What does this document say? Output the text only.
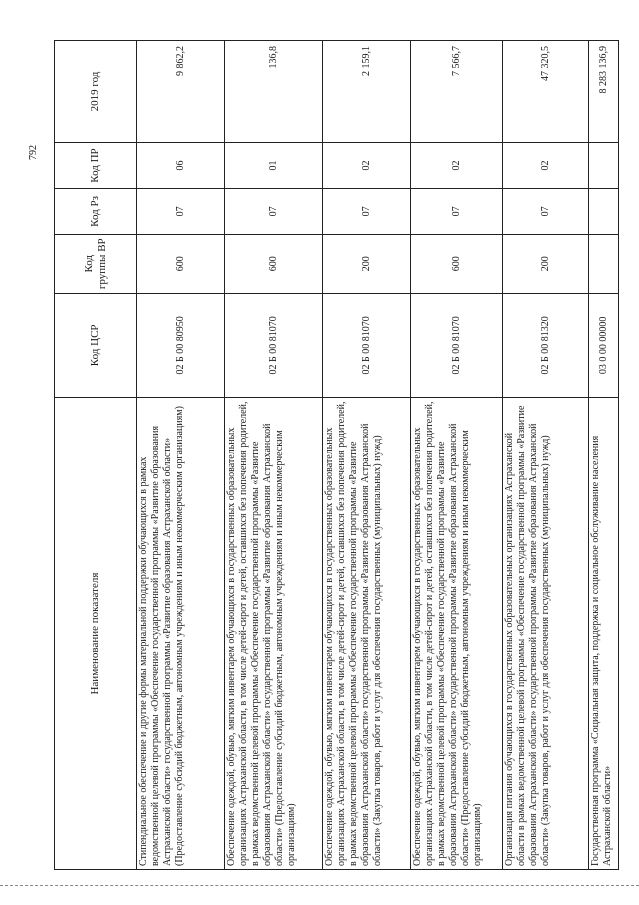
792
Наименование показателя	Код ЦСР	Код группы ВР	Код Рз	Код ПР	2019 год
Стипендиальное обеспечение и другие формы материальной поддержки обучающихся в рамках ведомственной целевой программы «Обеспечение государственной программы «Развитие образования Астраханской области» государственной программы «Развитие образования Астраханской области» (Предоставление субсидий бюджетным, автономным учреждениям и иным некоммерческим организациям)	02 Б 00 80950	600	07	06	9 862,2
Обеспечение одеждой, обувью, мягким инвентарем обучающихся в государственных образовательных организациях Астраханской области, в том числе детей-сирот и детей, оставшихся без попечения родителей, в рамках ведомственной целевой программы «Обеспечение государственной программы «Развитие образования Астраханской области» государственной программы «Развитие образования Астраханской области» (Предоставление субсидий бюджетным, автономным учреждениям и иным некоммерческим организациям)	02 Б 00 81070	600	07	01	136,8
Обеспечение одеждой, обувью, мягким инвентарем обучающихся в государственных образовательных организациях Астраханской области, в том числе детей-сирот и детей, оставшихся без попечения родителей, в рамках ведомственной целевой программы «Обеспечение государственной программы «Развитие образования Астраханской области» государственной программы «Развитие образования Астраханской области» (Закупка товаров, работ и услуг для обеспечения государственных (муниципальных) нужд)	02 Б 00 81070	200	07	02	2 159,1
Обеспечение одеждой, обувью, мягким инвентарем обучающихся в государственных образовательных организациях Астраханской области, в том числе детей-сирот и детей, оставшихся без попечения родителей, в рамках ведомственной целевой программы «Обеспечение государственной программы «Развитие образования Астраханской области» государственной программы «Развитие образования Астраханской области» (Предоставление субсидий бюджетным, автономным учреждениям и иным некоммерческим организациям)	02 Б 00 81070	600	07	02	7 566,7
Организация питания обучающихся в государственных образовательных организациях Астраханской области в рамках ведомственной целевой программы «Обеспечение государственной программы «Развитие образования Астраханской области» государственной программы «Развитие образования Астраханской области» (Закупка товаров, работ и услуг для обеспечения государственных (муниципальных) нужд)	02 Б 00 81320	200	07	02	47 320,5
Государственная программа «Социальная защита, поддержка и социальное обслуживание населения Астраханской области»	03 0 00 00000				8 283 136,9
